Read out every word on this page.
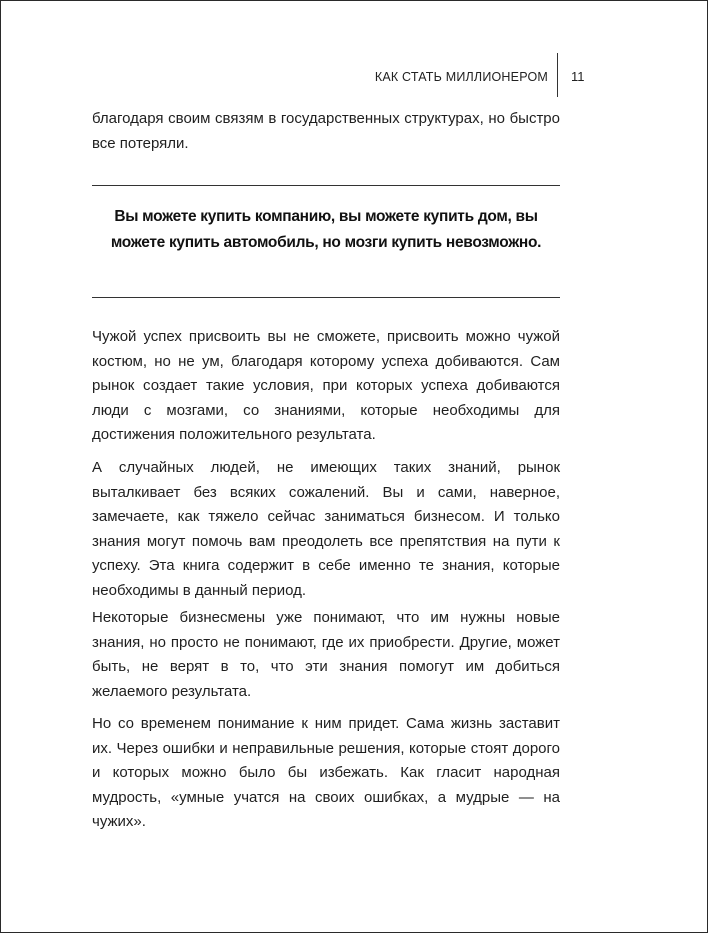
КАК СТАТЬ МИЛЛИОНЕРОМ 11

благодаря своим связям в государственных структурах, но быстро все потеряли.

Вы можете купить компанию, вы можете купить дом, вы можете купить автомобиль, но мозги купить невозможно.

Чужой успех присвоить вы не сможете, присвоить можно чужой костюм, но не ум, благодаря которому успеха добиваются. Сам рынок создает такие условия, при которых успеха добиваются люди с мозгами, со знаниями, которые необходимы для достижения положительного результата.

А случайных людей, не имеющих таких знаний, рынок выталкивает без всяких сожалений. Вы и сами, наверное, замечаете, как тяжело сейчас заниматься бизнесом. И только знания могут помочь вам преодолеть все препятствия на пути к успеху. Эта книга содержит в себе именно те знания, которые необходимы в данный период.

Некоторые бизнесмены уже понимают, что им нужны новые знания, но просто не понимают, где их приобрести. Другие, может быть, не верят в то, что эти знания помогут им добиться желаемого результата.

Но со временем понимание к ним придет. Сама жизнь заставит их. Через ошибки и неправильные решения, которые стоят дорого и которых можно было бы избежать. Как гласит народная мудрость, «умные учатся на своих ошибках, а мудрые — на чужих».
